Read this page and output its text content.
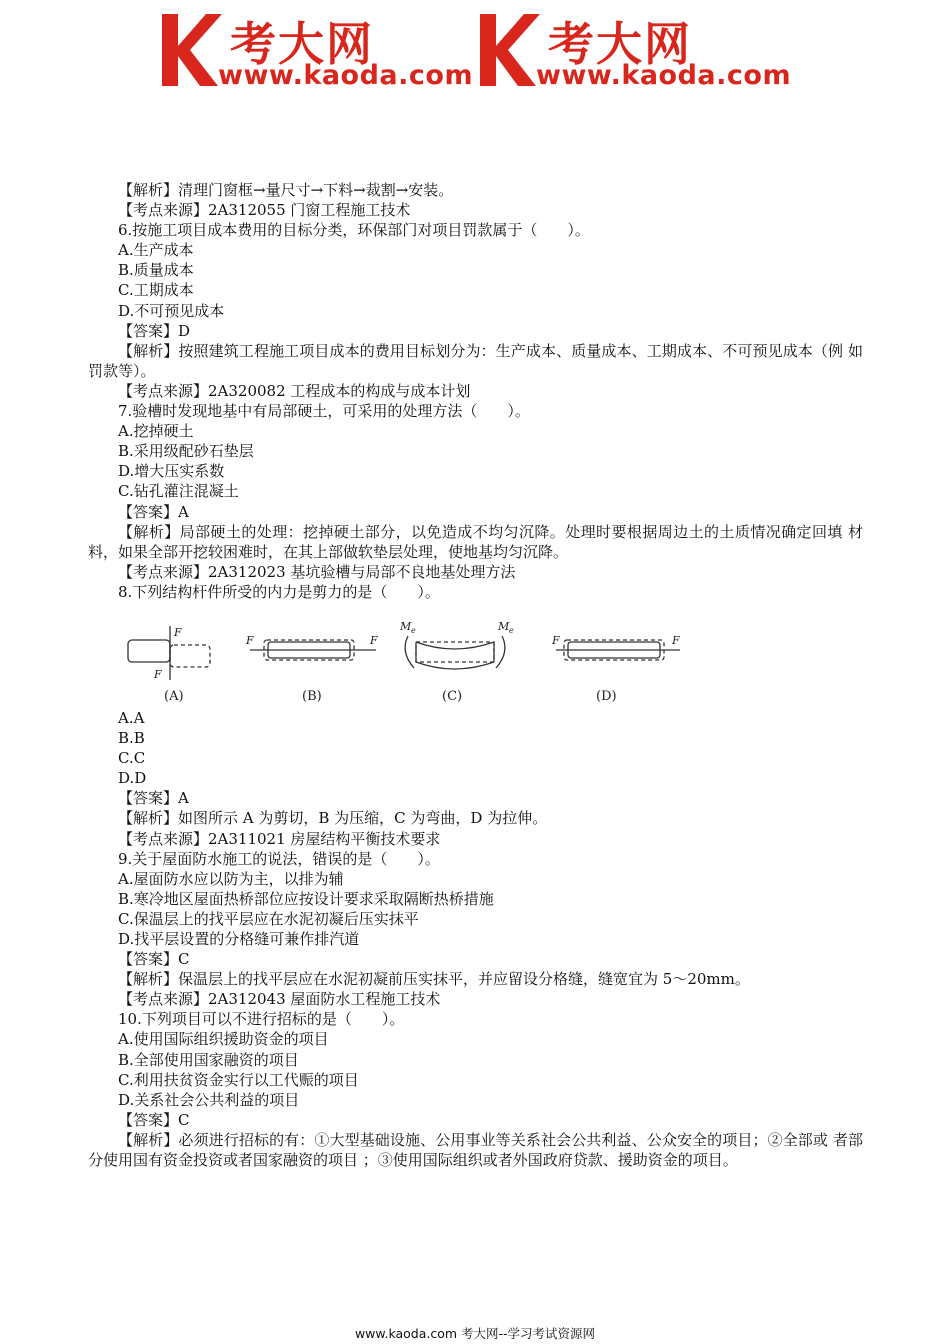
考大网
www.kaoda.com
考大网
www.kaoda.com
【解析】清理门窗框→量尺寸→下料→裁割→安装。
【考点来源】2A312055 门窗工程施工技术
6.按施工项目成本费用的目标分类，环保部门对项目罚款属于（　　）。
A.生产成本
B.质量成本
C.工期成本
D.不可预见成本
【答案】D
【解析】按照建筑工程施工项目成本的费用目标划分为：生产成本、质量成本、工期成本、不可预见成本（例 如罚款等）。
【考点来源】2A320082 工程成本的构成与成本计划
7.验槽时发现地基中有局部硬土，可采用的处理方法（　　）。
A.挖掉硬土
B.采用级配砂石垫层
D.增大压实系数
C.钻孔灌注混凝土
【答案】A
【解析】局部硬土的处理：挖掉硬土部分，以免造成不均匀沉降。处理时要根据周边土的土质情况确定回填 材料，如果全部开挖较困难时，在其上部做软垫层处理，使地基均匀沉降。
【考点来源】2A312023 基坑验槽与局部不良地基处理方法
8.下列结构杆件所受的内力是剪力的是（　　）。
F
F
(A)
F	F
(B)
M e	M e
(C)
F	F
(D)
A.A
B.B
C.C
D.D
【答案】A
【解析】如图所示 A 为剪切，B 为压缩，C 为弯曲，D 为拉伸。
【考点来源】2A311021 房屋结构平衡技术要求
9.关于屋面防水施工的说法，错误的是（　　）。
A.屋面防水应以防为主，以排为辅
B.寒冷地区屋面热桥部位应按设计要求采取隔断热桥措施
C.保温层上的找平层应在水泥初凝后压实抹平
D.找平层设置的分格缝可兼作排汽道
【答案】C
【解析】保温层上的找平层应在水泥初凝前压实抹平，并应留设分格缝，缝宽宜为 5～20mm。
【考点来源】2A312043 屋面防水工程施工技术
10.下列项目可以不进行招标的是（　　）。
A.使用国际组织援助资金的项目
B.全部使用国家融资的项目
C.利用扶贫资金实行以工代赈的项目
D.关系社会公共利益的项目
【答案】C
【解析】必须进行招标的有：①大型基础设施、公用事业等关系社会公共利益、公众安全的项目；②全部或 者部分使用国有资金投资或者国家融资的项目 ；③使用国际组织或者外国政府贷款、援助资金的项目。
www.kaoda.com 考大网--学习考试资源网
